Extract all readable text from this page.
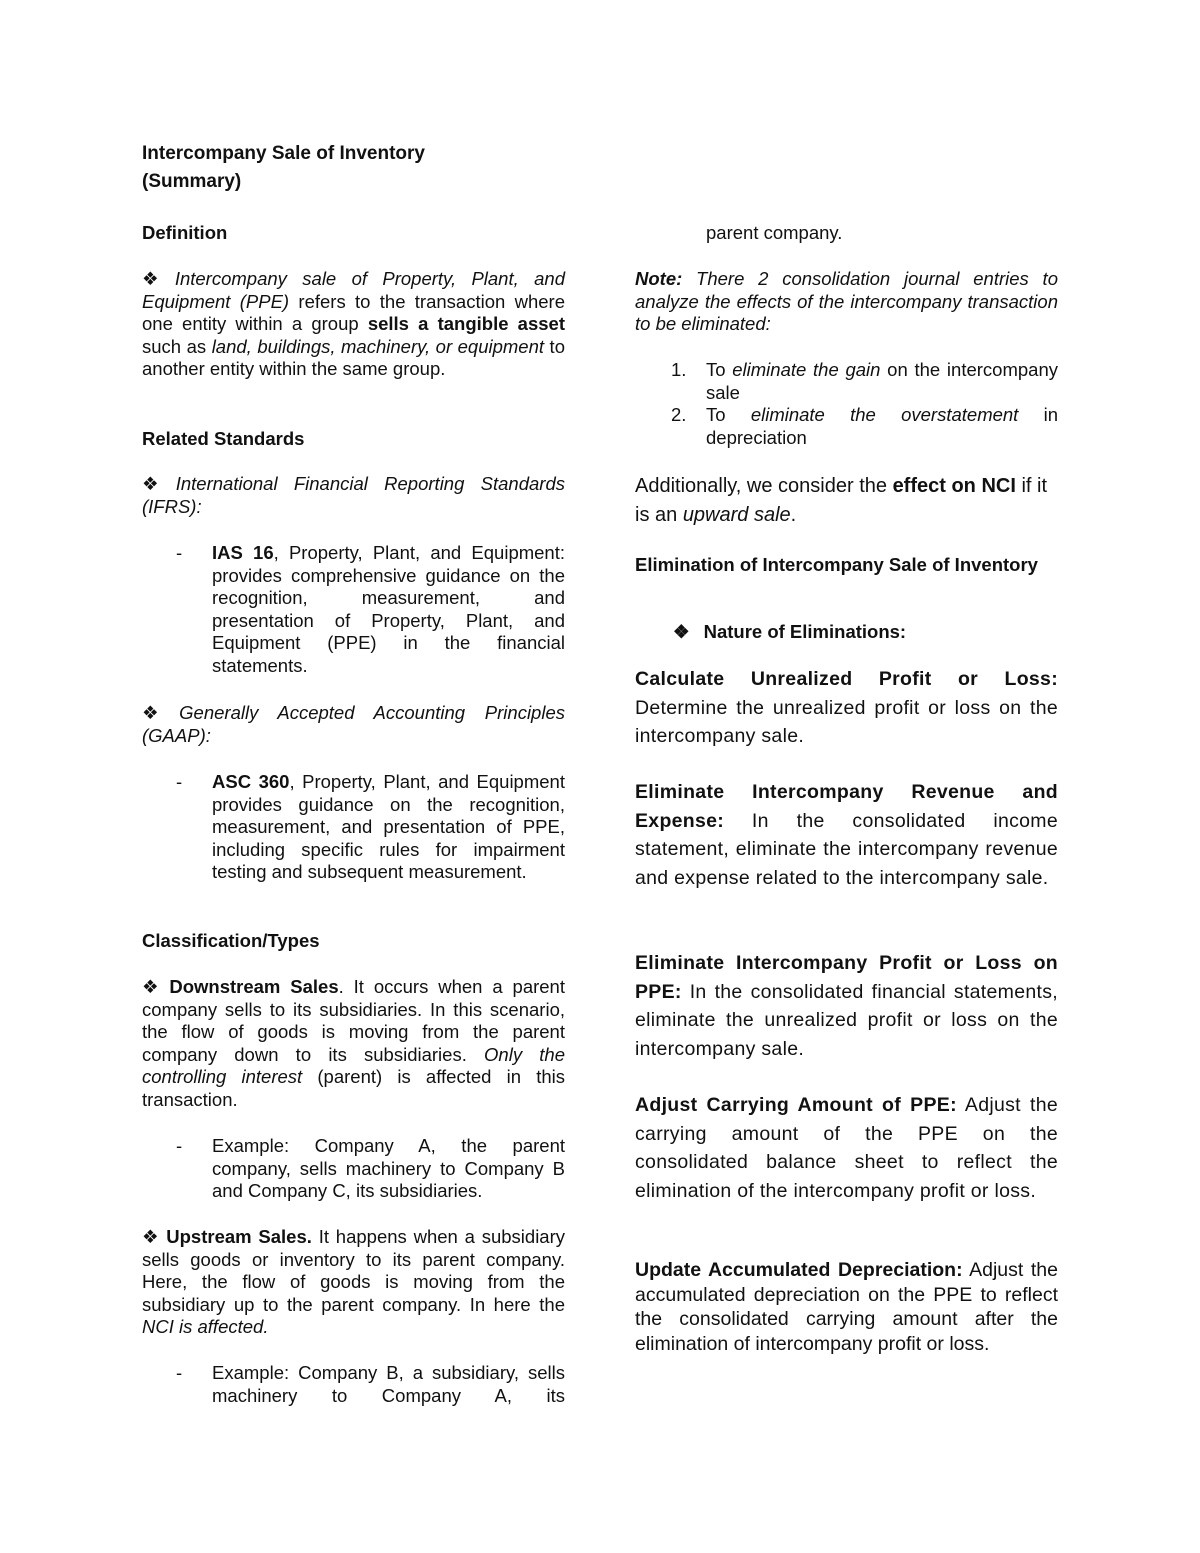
Intercompany Sale of Inventory
(Summary)
Definition
❖ Intercompany sale of Property, Plant, and Equipment (PPE) refers to the transaction where one entity within a group sells a tangible asset such as land, buildings, machinery, or equipment to another entity within the same group.
Related Standards
❖ International Financial Reporting Standards (IFRS):
- IAS 16, Property, Plant, and Equipment: provides comprehensive guidance on the recognition, measurement, and presentation of Property, Plant, and Equipment (PPE) in the financial statements.
❖ Generally Accepted Accounting Principles (GAAP):
- ASC 360, Property, Plant, and Equipment provides guidance on the recognition, measurement, and presentation of PPE, including specific rules for impairment testing and subsequent measurement.
Classification/Types
❖ Downstream Sales. It occurs when a parent company sells to its subsidiaries. In this scenario, the flow of goods is moving from the parent company down to its subsidiaries. Only the controlling interest (parent) is affected in this transaction.
- Example: Company A, the parent company, sells machinery to Company B and Company C, its subsidiaries.
❖ Upstream Sales. It happens when a subsidiary sells goods or inventory to its parent company. Here, the flow of goods is moving from the subsidiary up to the parent company. In here the NCI is affected.
- Example: Company B, a subsidiary, sells machinery to Company A, its
parent company.
Note: There 2 consolidation journal entries to analyze the effects of the intercompany transaction to be eliminated:
1. To eliminate the gain on the intercompany sale
2. To eliminate the overstatement in depreciation
Additionally, we consider the effect on NCI if it is an upward sale.
Elimination of Intercompany Sale of Inventory
❖ Nature of Eliminations:
Calculate Unrealized Profit or Loss: Determine the unrealized profit or loss on the intercompany sale.
Eliminate Intercompany Revenue and Expense: In the consolidated income statement, eliminate the intercompany revenue and expense related to the intercompany sale.
Eliminate Intercompany Profit or Loss on PPE: In the consolidated financial statements, eliminate the unrealized profit or loss on the intercompany sale.
Adjust Carrying Amount of PPE: Adjust the carrying amount of the PPE on the consolidated balance sheet to reflect the elimination of the intercompany profit or loss.
Update Accumulated Depreciation: Adjust the accumulated depreciation on the PPE to reflect the consolidated carrying amount after the elimination of intercompany profit or loss.
